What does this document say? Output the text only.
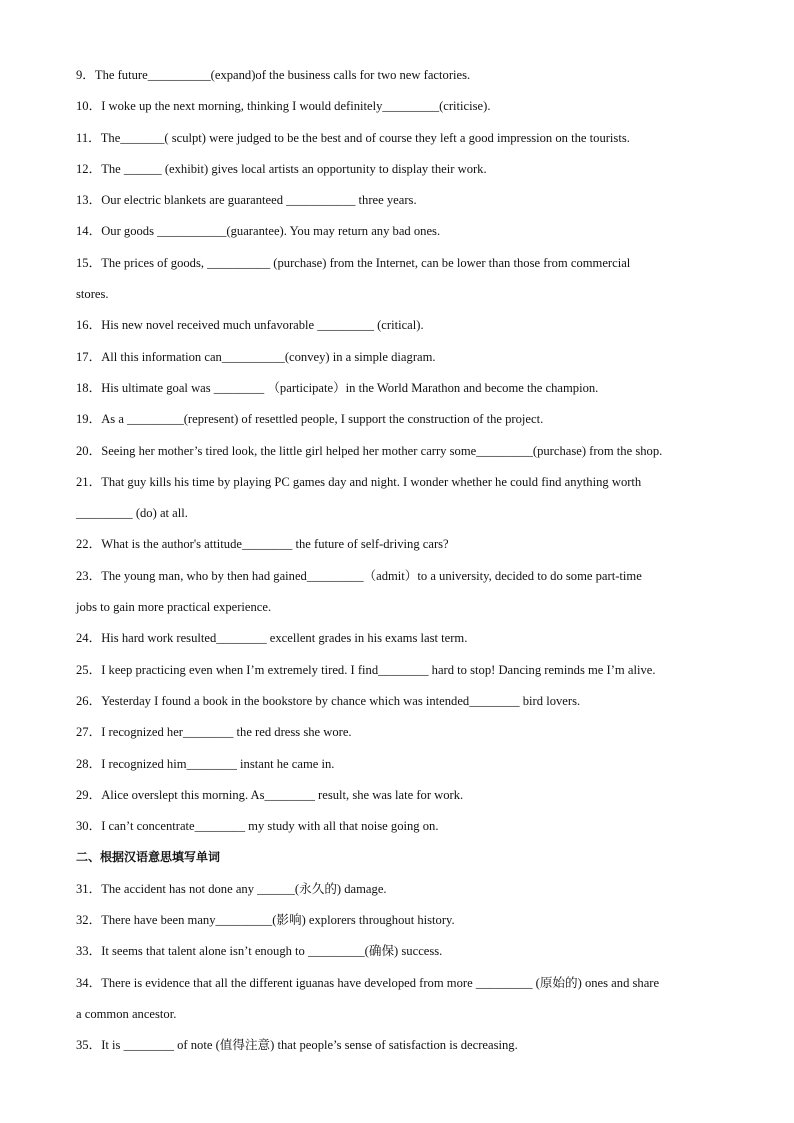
9．The future__________(expand)of the business calls for two new factories.
10．I woke up the next morning, thinking I would definitely_________(criticise).
11．The_______( sculpt) were judged to be the best and of course they left a good impression on the tourists.
12．The ______ (exhibit) gives local artists an opportunity to display their work.
13．Our electric blankets are guaranteed ___________ three years.
14．Our goods ___________(guarantee). You may return any bad ones.
15．The prices of goods, __________ (purchase) from the Internet, can be lower than those from commercial
stores.
16．His new novel received much unfavorable _________ (critical).
17．All this information can__________(convey) in a simple diagram.
18．His ultimate goal was ________ （participate）in the World Marathon and become the champion.
19．As a _________(represent) of resettled people, I support the construction of the project.
20．Seeing her mother’s tired look, the little girl helped her mother carry some_________(purchase) from the shop.
21．That guy kills his time by playing PC games day and night. I wonder whether he could find anything worth
_________ (do) at all.
22．What is the author's attitude________ the future of self-driving cars?
23．The young man, who by then had gained_________（admit）to a university, decided to do some part-time
jobs to gain more practical experience.
24．His hard work resulted________ excellent grades in his exams last term.
25．I keep practicing even when I’m extremely tired. I find________ hard to stop! Dancing reminds me I’m alive.
26．Yesterday I found a book in the bookstore by chance which was intended________ bird lovers.
27．I recognized her________ the red dress she wore.
28．I recognized him________ instant he came in.
29．Alice overslept this morning. As________ result, she was late for work.
30．I can’t concentrate________ my study with all that noise going on.
二、根据汉语意思填写单词
31．The accident has not done any ______(永久的) damage.
32．There have been many_________(影响) explorers throughout history.
33．It seems that talent alone isn’t enough to _________(确保) success.
34．There is evidence that all the different iguanas have developed from more _________ (原始的) ones and share
a common ancestor.
35．It is ________ of note (值得注意) that people’s sense of satisfaction is decreasing.
